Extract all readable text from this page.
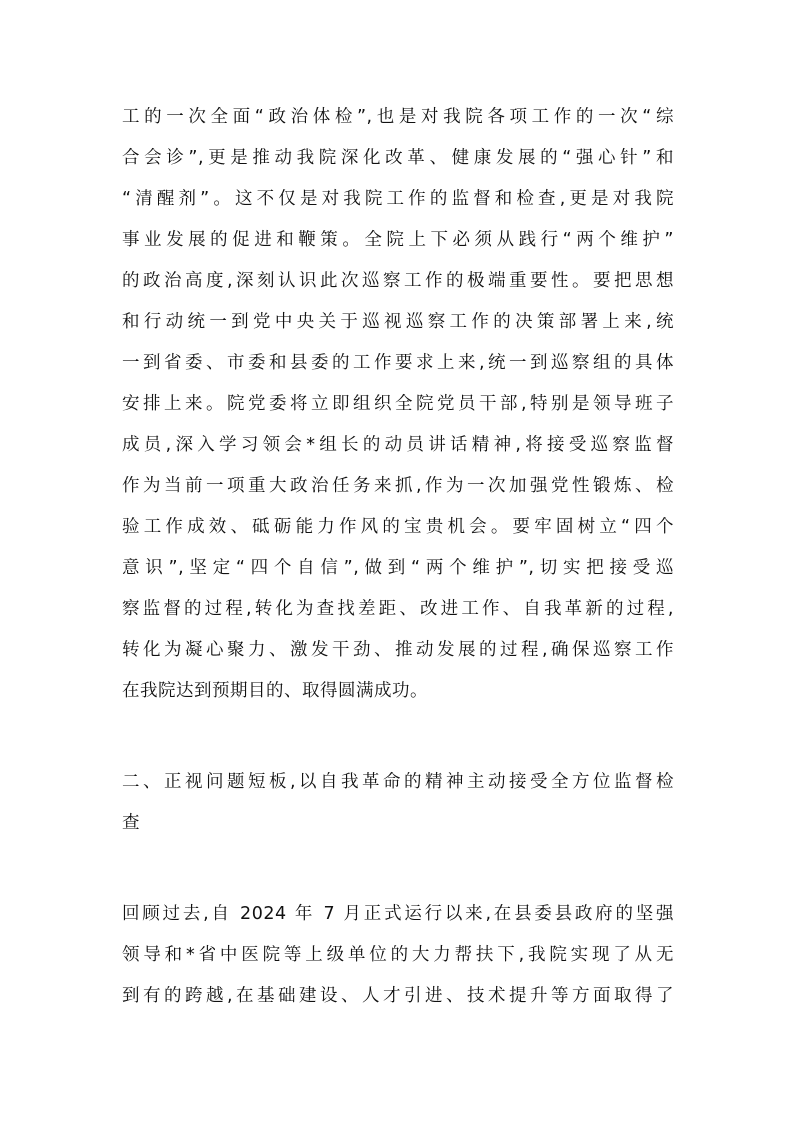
工的一次全面“政治体检”,也是对我院各项工作的一次“综
合会诊”,更是推动我院深化改革、健康发展的“强心针”和
“清醒剂”。这不仅是对我院工作的监督和检查,更是对我院
事业发展的促进和鞭策。全院上下必须从践行“两个维护”
的政治高度,深刻认识此次巡察工作的极端重要性。要把思想
和行动统一到党中央关于巡视巡察工作的决策部署上来,统
一到省委、市委和县委的工作要求上来,统一到巡察组的具体
安排上来。院党委将立即组织全院党员干部,特别是领导班子
成员,深入学习领会*组长的动员讲话精神,将接受巡察监督
作为当前一项重大政治任务来抓,作为一次加强党性锻炼、检
验工作成效、砥砺能力作风的宝贵机会。要牢固树立“四个
意识”,坚定“四个自信”,做到“两个维护”,切实把接受巡
察监督的过程,转化为查找差距、改进工作、自我革新的过程,
转化为凝心聚力、激发干劲、推动发展的过程,确保巡察工作
在我院达到预期目的、取得圆满成功。
二、正视问题短板,以自我革命的精神主动接受全方位监督检
查
回顾过去,自 2024 年 7 月正式运行以来,在县委县政府的坚强
领导和*省中医院等上级单位的大力帮扶下,我院实现了从无
到有的跨越,在基础建设、人才引进、技术提升等方面取得了
